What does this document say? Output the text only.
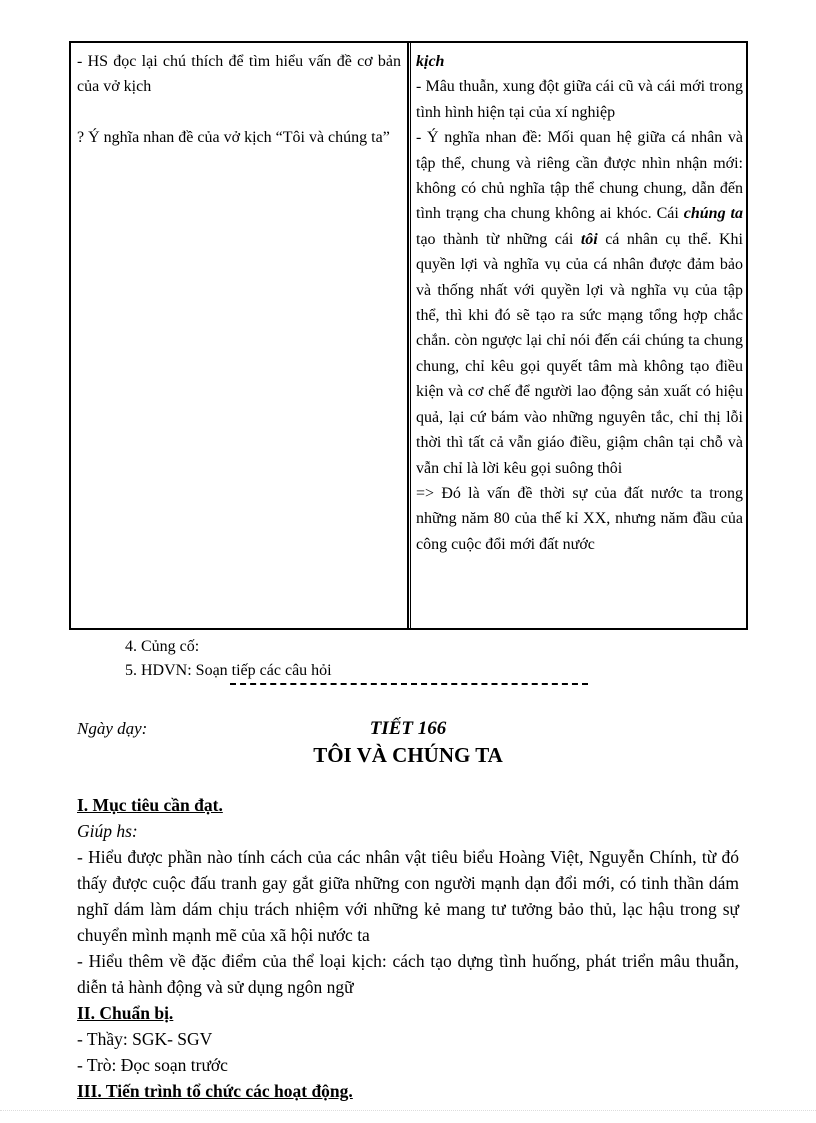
- HS đọc lại chú thích để tìm hiểu vấn đề cơ bản của vở kịch

? Ý nghĩa nhan đề của vở kịch “Tôi và chúng ta”

kịch

- Mâu thuẫn, xung đột giữa cái cũ và cái mới trong tình hình hiện tại của xí nghiệp

- Ý nghĩa nhan đề: Mối quan hệ giữa cá nhân và tập thể, chung và riêng cần được nhìn nhận mới: không có chủ nghĩa tập thể chung chung, dẫn đến tình trạng cha chung không ai khóc. Cái chúng ta tạo thành từ những cái tôi cá nhân cụ thể. Khi quyền lợi và nghĩa vụ của cá nhân được đảm bảo và thống nhất với quyền lợi và nghĩa vụ của tập thể, thì khi đó sẽ tạo ra sức mạng tổng hợp chắc chắn. còn ngược lại chỉ nói đến cái chúng ta chung chung, chỉ kêu gọi quyết tâm mà không tạo điều kiện và cơ chế để người lao động sản xuất có hiệu quả, lại cứ bám vào những nguyên tắc, chỉ thị lỗi thời thì tất cả vẫn giáo điều, giậm chân tại chỗ và vẫn chỉ là lời kêu gọi suông thôi

=> Đó là vấn đề thời sự của đất nước ta trong những năm 80 của thế kỉ XX, nhưng năm đầu của công cuộc đổi mới đất nước

4. Củng cố:
5. HDVN: Soạn tiếp các câu hỏi
Ngày dạy:	TIẾT 166
TÔI VÀ CHÚNG TA

I. Mục tiêu cần đạt.

Giúp hs:

- Hiểu được phần nào tính cách của các nhân vật tiêu biểu Hoàng Việt, Nguyễn Chính, từ đó thấy được cuộc đấu tranh gay gắt giữa những con người mạnh dạn đổi mới, có tinh thần dám nghĩ dám làm dám chịu trách nhiệm với những kẻ mang tư tưởng bảo thủ, lạc hậu trong sự chuyển mình mạnh mẽ của xã hội nước ta

- Hiểu thêm về đặc điểm của thể loại kịch: cách tạo dựng tình huống, phát triển mâu thuẫn, diễn tả hành động và sử dụng ngôn ngữ

II. Chuẩn bị.

- Thầy: SGK- SGV

- Trò: Đọc soạn trước

III. Tiến trình tổ chức các hoạt động.
